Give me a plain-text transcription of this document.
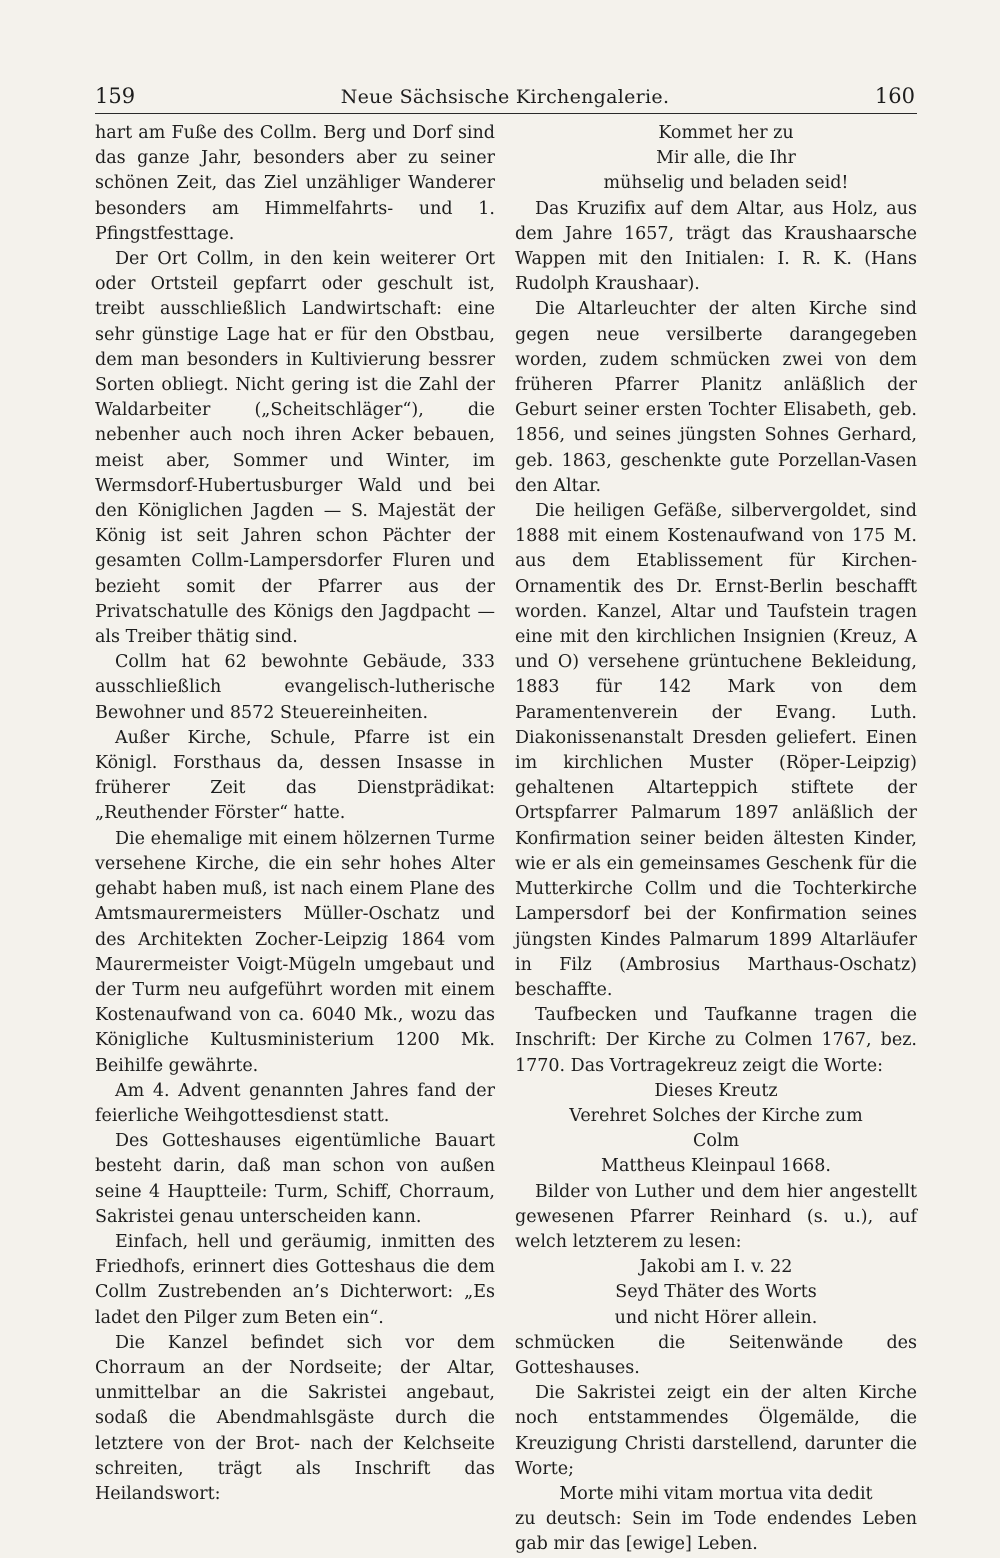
159	Neue Sächsische Kirchengalerie.	160

hart am Fuße des Collm. Berg und Dorf sind das ganze Jahr, besonders aber zu seiner schönen Zeit, das Ziel unzähliger Wanderer besonders am Himmelfahrts- und 1. Pfingstfesttage.

Der Ort Collm, in den kein weiterer Ort oder Ortsteil gepfarrt oder geschult ist, treibt ausschließlich Landwirtschaft: eine sehr günstige Lage hat er für den Obstbau, dem man besonders in Kultivierung bessrer Sorten obliegt. Nicht gering ist die Zahl der Waldarbeiter („Scheitschläger“), die nebenher auch noch ihren Acker bebauen, meist aber, Sommer und Winter, im Wermsdorf-Hubertusburger Wald und bei den Königlichen Jagden — S. Majestät der König ist seit Jahren schon Pächter der gesamten Collm-Lampersdorfer Fluren und bezieht somit der Pfarrer aus der Privatschatulle des Königs den Jagdpacht — als Treiber thätig sind.

Collm hat 62 bewohnte Gebäude, 333 ausschließlich evangelisch-lutherische Bewohner und 8572 Steuereinheiten.

Außer Kirche, Schule, Pfarre ist ein Königl. Forsthaus da, dessen Insasse in früherer Zeit das Dienstprädikat: „Reuthender Förster“ hatte.

Die ehemalige mit einem hölzernen Turme versehene Kirche, die ein sehr hohes Alter gehabt haben muß, ist nach einem Plane des Amtsmaurermeisters Müller-Oschatz und des Architekten Zocher-Leipzig 1864 vom Maurermeister Voigt-Mügeln umgebaut und der Turm neu aufgeführt worden mit einem Kostenaufwand von ca. 6040 Mk., wozu das Königliche Kultusministerium 1200 Mk. Beihilfe gewährte.

Am 4. Advent genannten Jahres fand der feierliche Weihgottesdienst statt.

Des Gotteshauses eigentümliche Bauart besteht darin, daß man schon von außen seine 4 Hauptteile: Turm, Schiff, Chorraum, Sakristei genau unterscheiden kann.

Einfach, hell und geräumig, inmitten des Friedhofs, erinnert dies Gotteshaus die dem Collm Zustrebenden an’s Dichterwort: „Es ladet den Pilger zum Beten ein“.

Die Kanzel befindet sich vor dem Chorraum an der Nordseite; der Altar, unmittelbar an die Sakristei angebaut, sodaß die Abendmahlsgäste durch die letztere von der Brot- nach der Kelchseite schreiten, trägt als Inschrift das Heilandswort:

Kommet her zu

Mir alle, die Ihr

mühselig und beladen seid!

Das Kruzifix auf dem Altar, aus Holz, aus dem Jahre 1657, trägt das Kraushaarsche Wappen mit den Initialen: I. R. K. (Hans Rudolph Kraushaar).

Die Altarleuchter der alten Kirche sind gegen neue versilberte darangegeben worden, zudem schmücken zwei von dem früheren Pfarrer Planitz anläßlich der Geburt seiner ersten Tochter Elisabeth, geb. 1856, und seines jüngsten Sohnes Gerhard, geb. 1863, geschenkte gute Porzellan-Vasen den Altar.

Die heiligen Gefäße, silbervergoldet, sind 1888 mit einem Kostenaufwand von 175 M. aus dem Etablissement für Kirchen-Ornamentik des Dr. Ernst-Berlin beschafft worden. Kanzel, Altar und Taufstein tragen eine mit den kirchlichen Insignien (Kreuz, A und O) versehene grüntuchene Bekleidung, 1883 für 142 Mark von dem Paramentenverein der Evang. Luth. Diakonissenanstalt Dresden geliefert. Einen im kirchlichen Muster (Röper-Leipzig) gehaltenen Altarteppich stiftete der Ortspfarrer Palmarum 1897 anläßlich der Konfirmation seiner beiden ältesten Kinder, wie er als ein gemeinsames Geschenk für die Mutterkirche Collm und die Tochterkirche Lampersdorf bei der Konfirmation seines jüngsten Kindes Palmarum 1899 Altarläufer in Filz (Ambrosius Marthaus-Oschatz) beschaffte.

Taufbecken und Taufkanne tragen die Inschrift: Der Kirche zu Colmen 1767, bez. 1770. Das Vortragekreuz zeigt die Worte:

Dieses Kreutz

Verehret Solches der Kirche zum

Colm

Mattheus Kleinpaul 1668.

Bilder von Luther und dem hier angestellt gewesenen Pfarrer Reinhard (s. u.), auf welch letzterem zu lesen:

Jakobi am I. v. 22

Seyd Thäter des Worts

und nicht Hörer allein.

schmücken die Seitenwände des Gotteshauses.

Die Sakristei zeigt ein der alten Kirche noch entstammendes Ölgemälde, die Kreuzigung Christi darstellend, darunter die Worte;

Morte mihi vitam mortua vita dedit

zu deutsch: Sein im Tode endendes Leben gab mir das [ewige] Leben.
